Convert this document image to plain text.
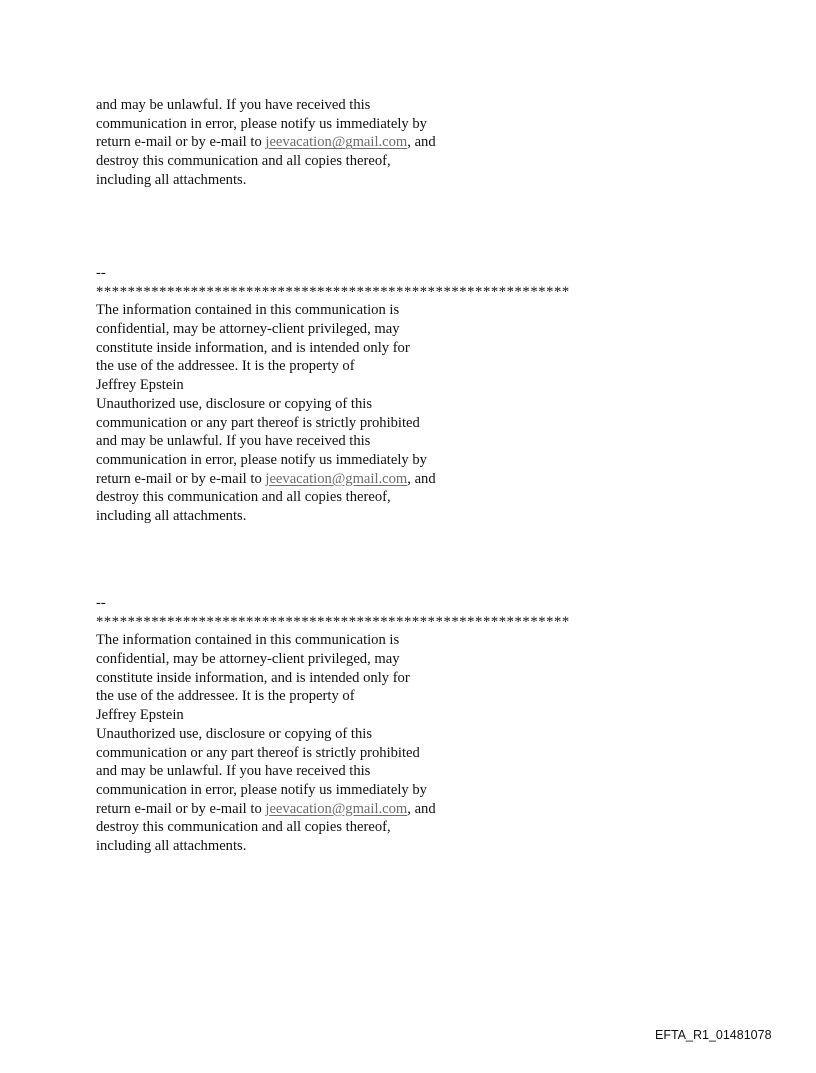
and may be unlawful. If you have received this
communication in error, please notify us immediately by
return e-mail or by e-mail to jeevacation@gmail.com, and
destroy this communication and all copies thereof,
including all attachments.
--
************************************************************
The information contained in this communication is
confidential, may be attorney-client privileged, may
constitute inside information, and is intended only for
the use of the addressee. It is the property of
Jeffrey Epstein
Unauthorized use, disclosure or copying of this
communication or any part thereof is strictly prohibited
and may be unlawful. If you have received this
communication in error, please notify us immediately by
return e-mail or by e-mail to jeevacation@gmail.com, and
destroy this communication and all copies thereof,
including all attachments.
--
************************************************************
The information contained in this communication is
confidential, may be attorney-client privileged, may
constitute inside information, and is intended only for
the use of the addressee. It is the property of
Jeffrey Epstein
Unauthorized use, disclosure or copying of this
communication or any part thereof is strictly prohibited
and may be unlawful. If you have received this
communication in error, please notify us immediately by
return e-mail or by e-mail to jeevacation@gmail.com, and
destroy this communication and all copies thereof,
including all attachments.
EFTA_R1_01481078
